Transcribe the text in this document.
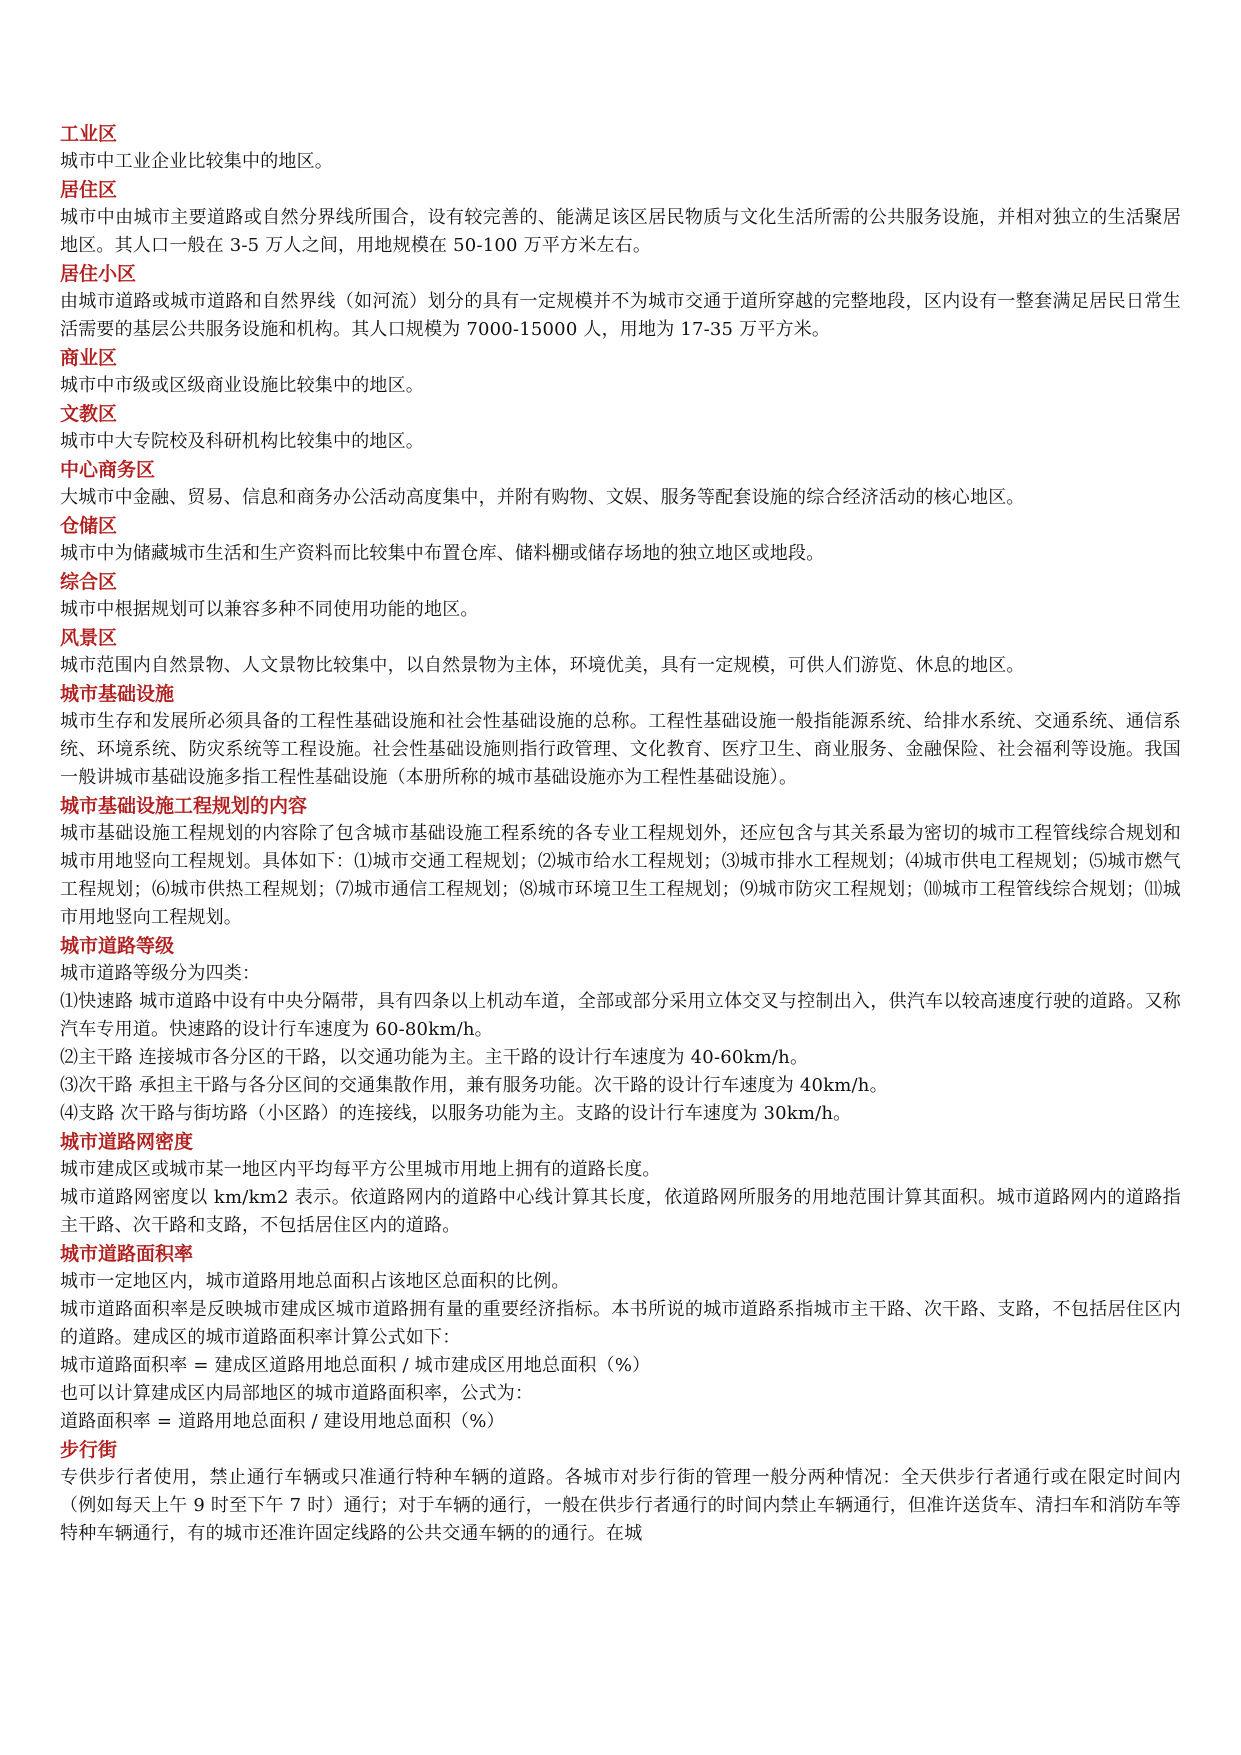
工业区

城市中工业企业比较集中的地区。

居住区

城市中由城市主要道路或自然分界线所围合，设有较完善的、能满足该区居民物质与文化生活所需的公共服务设施，并相对独立的生活聚居地区。其人口一般在 3-5 万人之间，用地规模在 50-100 万平方米左右。

居住小区

由城市道路或城市道路和自然界线（如河流）划分的具有一定规模并不为城市交通于道所穿越的完整地段，区内设有一整套满足居民日常生活需要的基层公共服务设施和机构。其人口规模为 7000-15000 人，用地为 17-35 万平方米。

商业区

城市中市级或区级商业设施比较集中的地区。

文教区

城市中大专院校及科研机构比较集中的地区。

中心商务区

大城市中金融、贸易、信息和商务办公活动高度集中，并附有购物、文娱、服务等配套设施的综合经济活动的核心地区。

仓储区

城市中为储藏城市生活和生产资料而比较集中布置仓库、储料棚或储存场地的独立地区或地段。

综合区

城市中根据规划可以兼容多种不同使用功能的地区。

风景区

城市范围内自然景物、人文景物比较集中，以自然景物为主体，环境优美，具有一定规模，可供人们游览、休息的地区。

城市基础设施

城市生存和发展所必须具备的工程性基础设施和社会性基础设施的总称。工程性基础设施一般指能源系统、给排水系统、交通系统、通信系统、环境系统、防灾系统等工程设施。社会性基础设施则指行政管理、文化教育、医疗卫生、商业服务、金融保险、社会福利等设施。我国一般讲城市基础设施多指工程性基础设施（本册所称的城市基础设施亦为工程性基础设施）。

城市基础设施工程规划的内容

城市基础设施工程规划的内容除了包含城市基础设施工程系统的各专业工程规划外，还应包含与其关系最为密切的城市工程管线综合规划和城市用地竖向工程规划。具体如下：⑴城市交通工程规划；⑵城市给水工程规划；⑶城市排水工程规划；⑷城市供电工程规划；⑸城市燃气工程规划；⑹城市供热工程规划；⑺城市通信工程规划；⑻城市环境卫生工程规划；⑼城市防灾工程规划；⑽城市工程管线综合规划；⑾城市用地竖向工程规划。

城市道路等级

城市道路等级分为四类：

⑴快速路 城市道路中设有中央分隔带，具有四条以上机动车道，全部或部分采用立体交叉与控制出入，供汽车以较高速度行驶的道路。又称汽车专用道。快速路的设计行车速度为 60-80km/h。

⑵主干路 连接城市各分区的干路，以交通功能为主。主干路的设计行车速度为 40-60km/h。

⑶次干路 承担主干路与各分区间的交通集散作用，兼有服务功能。次干路的设计行车速度为 40km/h。

⑷支路 次干路与街坊路（小区路）的连接线，以服务功能为主。支路的设计行车速度为 30km/h。

城市道路网密度

城市建成区或城市某一地区内平均每平方公里城市用地上拥有的道路长度。

城市道路网密度以 km/km2 表示。依道路网内的道路中心线计算其长度，依道路网所服务的用地范围计算其面积。城市道路网内的道路指主干路、次干路和支路，不包括居住区内的道路。

城市道路面积率

城市一定地区内，城市道路用地总面积占该地区总面积的比例。

城市道路面积率是反映城市建成区城市道路拥有量的重要经济指标。本书所说的城市道路系指城市主干路、次干路、支路，不包括居住区内的道路。建成区的城市道路面积率计算公式如下：

城市道路面积率 = 建成区道路用地总面积 / 城市建成区用地总面积（%）

也可以计算建成区内局部地区的城市道路面积率，公式为：

道路面积率 = 道路用地总面积 / 建设用地总面积（%）

步行街

专供步行者使用，禁止通行车辆或只准通行特种车辆的道路。各城市对步行街的管理一般分两种情况：全天供步行者通行或在限定时间内（例如每天上午 9 时至下午 7 时）通行；对于车辆的通行，一般在供步行者通行的时间内禁止车辆通行，但准许送货车、清扫车和消防车等特种车辆通行，有的城市还准许固定线路的公共交通车辆的的通行。在城
